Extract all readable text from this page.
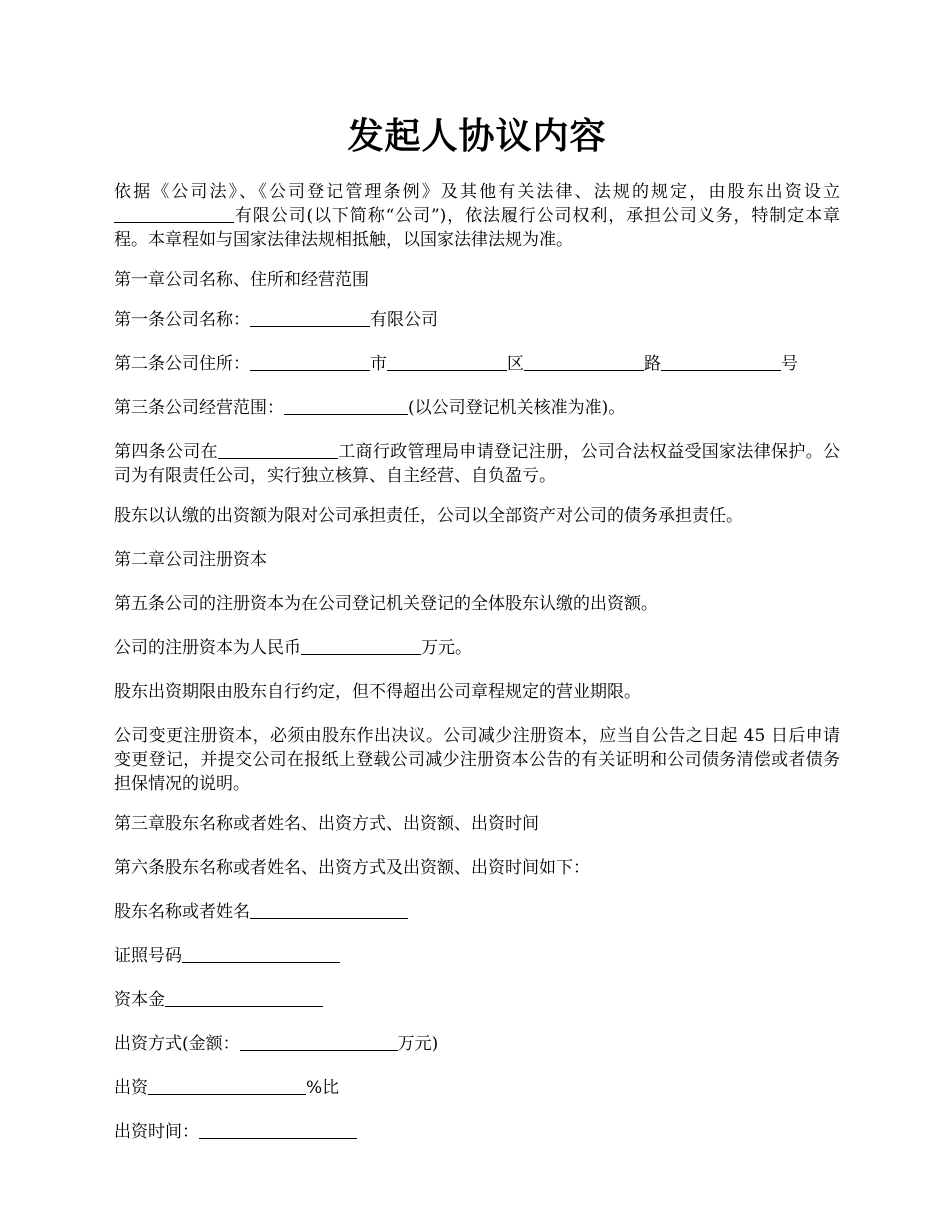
发起人协议内容

依据《公司法》、《公司登记管理条例》及其他有关法律、法规的规定，由股东出资设立有限公司(以下简称“公司”)，依法履行公司权利，承担公司义务，特制定本章程。本章程如与国家法律法规相抵触，以国家法律法规为准。

第一章公司名称、住所和经营范围

第一条公司名称：	有限公司

第二条公司住所：	市	区	路	号

第三条公司经营范围：	(以公司登记机关核准为准)。

第四条公司在	工商行政管理局申请登记注册，公司合法权益受国家法律保护。公司为有限责任公司，实行独立核算、自主经营、自负盈亏。

股东以认缴的出资额为限对公司承担责任，公司以全部资产对公司的债务承担责任。

第二章公司注册资本

第五条公司的注册资本为在公司登记机关登记的全体股东认缴的出资额。

公司的注册资本为人民币	万元。

股东出资期限由股东自行约定，但不得超出公司章程规定的营业期限。

公司变更注册资本，必须由股东作出决议。公司减少注册资本，应当自公告之日起 45 日后申请变更登记，并提交公司在报纸上登载公司减少注册资本公告的有关证明和公司债务清偿或者债务担保情况的说明。

第三章股东名称或者姓名、出资方式、出资额、出资时间

第六条股东名称或者姓名、出资方式及出资额、出资时间如下：

股东名称或者姓名

证照号码

资本金

出资方式(金额：	万元)

出资	%比

出资时间：
